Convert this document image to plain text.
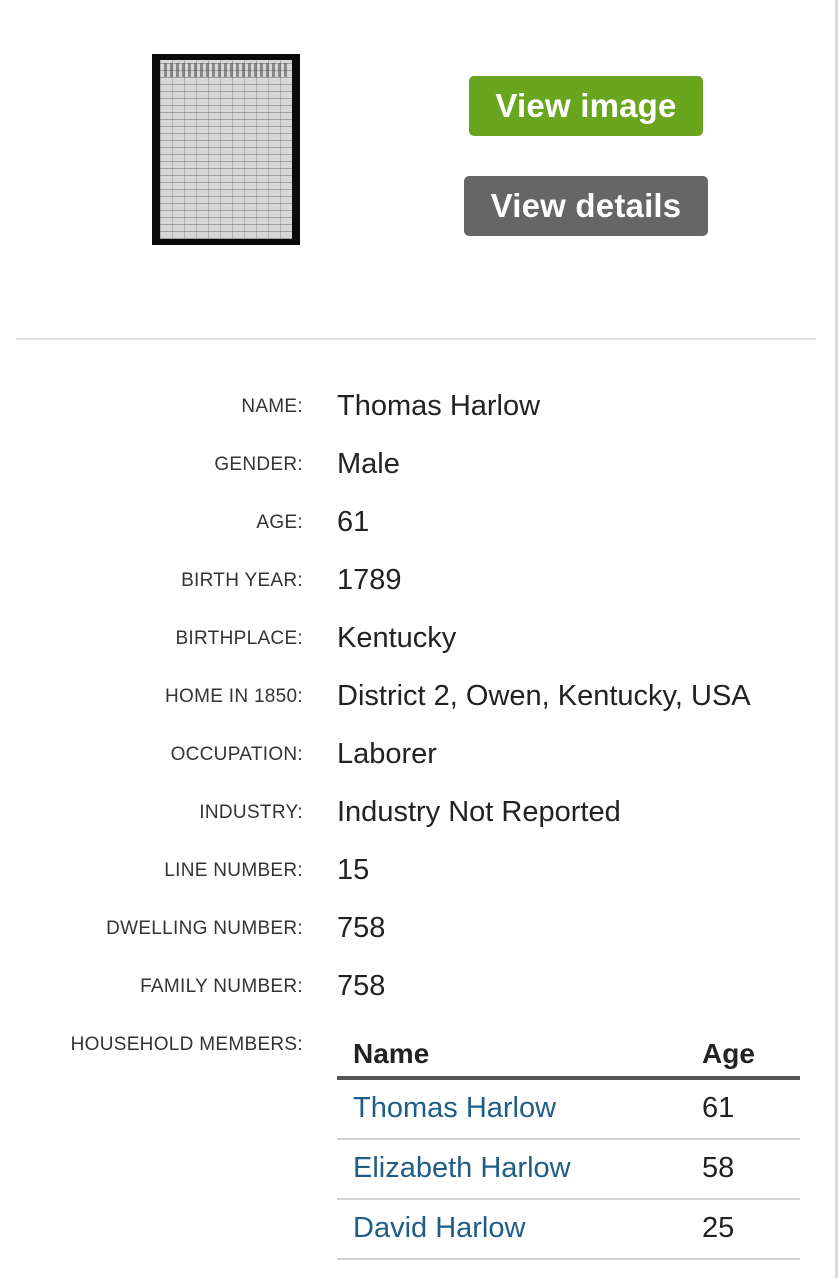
View image
View details
NAME: Thomas Harlow
GENDER: Male
AGE: 61
BIRTH YEAR: 1789
BIRTHPLACE: Kentucky
HOME IN 1850: District 2, Owen, Kentucky, USA
OCCUPATION: Laborer
INDUSTRY: Industry Not Reported
LINE NUMBER: 15
DWELLING NUMBER: 758
FAMILY NUMBER: 758
HOUSEHOLD MEMBERS: Name	Age
Thomas Harlow	61
Elizabeth Harlow	58
David Harlow	25
